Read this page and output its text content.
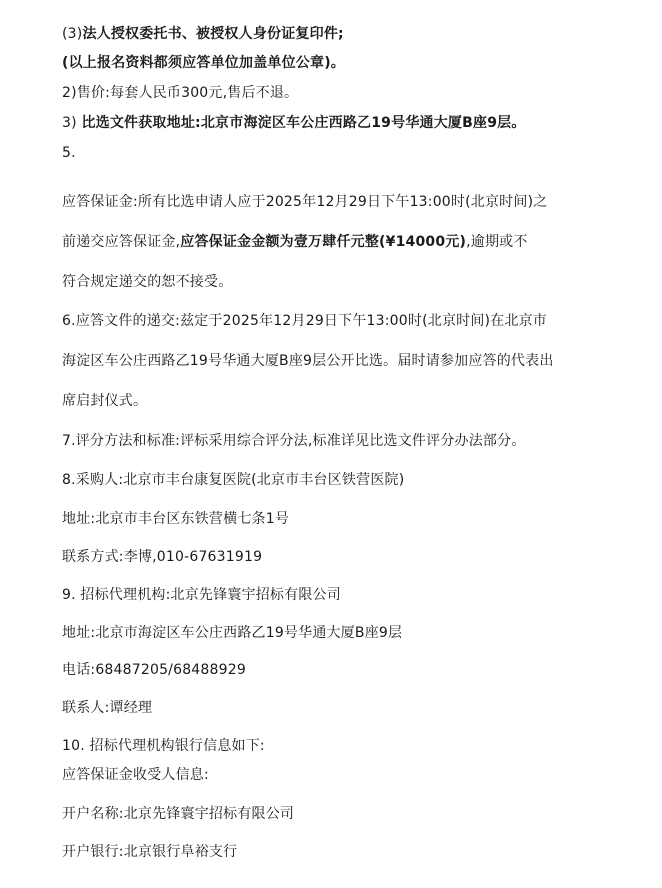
(3)法人授权委托书、被授权人身份证复印件;
(以上报名资料都须应答单位加盖单位公章)。
2)售价:每套人民币300元,售后不退。
3) 比选文件获取地址:北京市海淀区车公庄西路乙19号华通大厦B座9层。
5.
应答保证金:所有比选申请人应于2025年12月29日下午13:00时(北京时间)之
前递交应答保证金,应答保证金金额为壹万肆仟元整(¥14000元),逾期或不
符合规定递交的恕不接受。
6.应答文件的递交:兹定于2025年12月29日下午13:00时(北京时间)在北京市
海淀区车公庄西路乙19号华通大厦B座9层公开比选。届时请参加应答的代表出
席启封仪式。
7.评分方法和标准:评标采用综合评分法,标准详见比选文件评分办法部分。
8.采购人:北京市丰台康复医院(北京市丰台区铁营医院)
地址:北京市丰台区东铁营横七条1号
联系方式:李博,010-67631919
9. 招标代理机构:北京先锋寰宇招标有限公司
地址:北京市海淀区车公庄西路乙19号华通大厦B座9层
电话:68487205/68488929
联系人:谭经理
10. 招标代理机构银行信息如下:
应答保证金收受人信息:
开户名称:北京先锋寰宇招标有限公司
开户银行:北京银行阜裕支行
